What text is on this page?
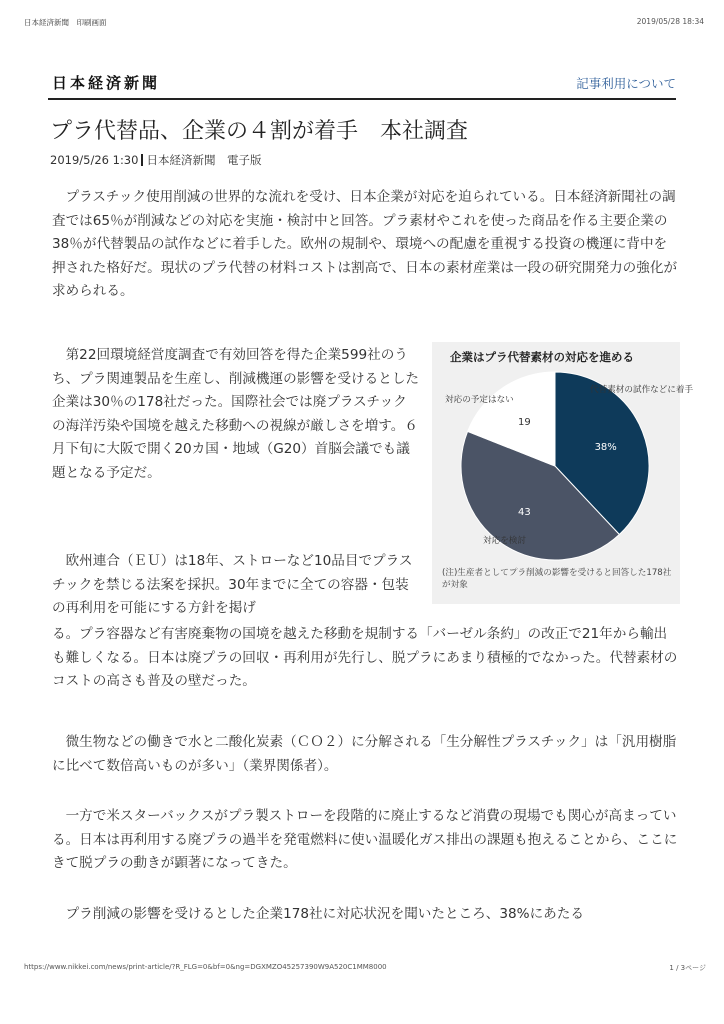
日本経済新聞　印刷画面	2019/05/28 18:34
日本経済新聞	記事利用について
プラ代替品、企業の４割が着手　本社調査
2019/5/26 1:30 日本経済新聞　電子版

プラスチック使用削減の世界的な流れを受け、日本企業が対応を迫られている。日本経済新聞社の調査では65％が削減などの対応を実施・検討中と回答。プラ素材やこれを使った商品を作る主要企業の38％が代替製品の試作などに着手した。欧州の規制や、環境への配慮を重視する投資の機運に背中を押された格好だ。現状のプラ代替の材料コストは割高で、日本の素材産業は一段の研究開発力の強化が求められる。

第22回環境経営度調査で有効回答を得た企業599社のうち、プラ関連製品を生産し、削減機運の影響を受けるとした企業は30％の178社だった。国際社会では廃プラスチックの海洋汚染や国境を越えた移動への視線が厳しさを増す。６月下旬に大阪で開く20カ国・地域（G20）首脳会議でも議題となる予定だ。

欧州連合（ＥＵ）は18年、ストローなど10品目でプラスチックを禁じる法案を採択。30年までに全ての容器・包装の再利用を可能にする方針を掲げ

る。プラ容器など有害廃棄物の国境を越えた移動を規制する「バーゼル条約」の改正で21年から輸出も難しくなる。日本は廃プラの回収・再利用が先行し、脱プラにあまり積極的でなかった。代替素材のコストの高さも普及の壁だった。

微生物などの働きで水と二酸化炭素（ＣＯ２）に分解される「生分解性プラスチック」は「汎用樹脂に比べて数倍高いものが多い」（業界関係者）。

一方で米スターバックスがプラ製ストローを段階的に廃止するなど消費の現場でも関心が高まっている。日本は再利用する廃プラの過半を発電燃料に使い温暖化ガス排出の課題も抱えることから、ここにきて脱プラの動きが顕著になってきた。

プラ削減の影響を受けるとした企業178社に対応状況を聞いたところ、38%にあたる

企業はプラ代替素材の対応を進める
38%
43
19
代替素材の試作などに着手
対応の予定はない
対応を検討
(注)生産者としてプラ削減の影響を受けると回答した178社が対象
https://www.nikkei.com/news/print-article/?R_FLG=0&bf=0&ng=DGXMZO45257390W9A520C1MM8000	1 / 3ページ
